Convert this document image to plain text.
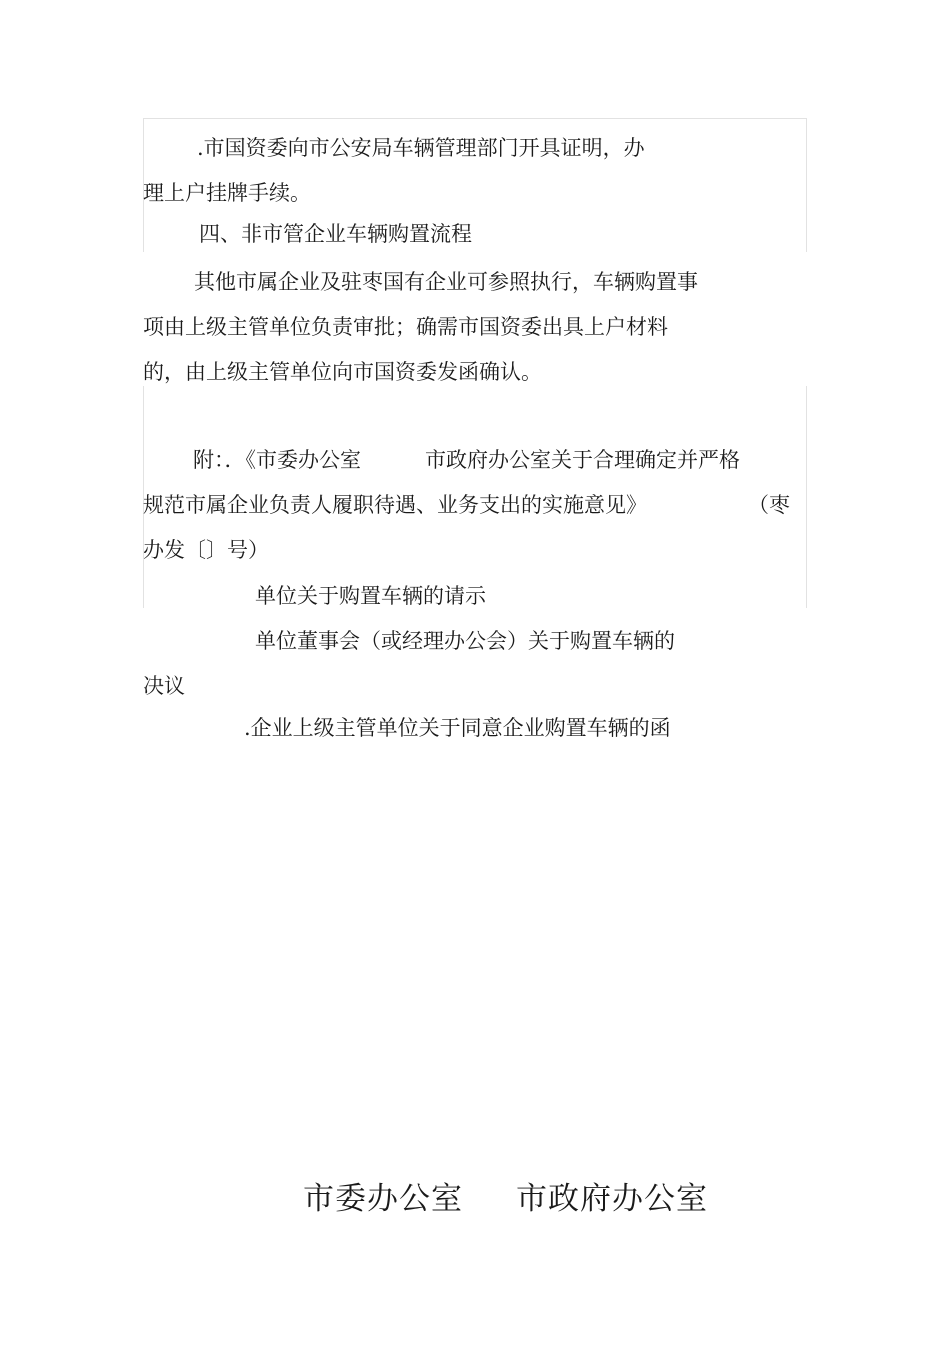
.市国资委向市公安局车辆管理部门开具证明，办

理上户挂牌手续。

四、非市管企业车辆购置流程

其他市属企业及驻枣国有企业可参照执行，车辆购置事

项由上级主管单位负责审批；确需市国资委出具上户材料

的，由上级主管单位向市国资委发函确认。

附：．《市委办公室	市政府办公室关于合理确定并严格

规范市属企业负责人履职待遇、业务支出的实施意见》	（枣

办发〔〕号）

单位关于购置车辆的请示

单位董事会（或经理办公会）关于购置车辆的

决议

.企业上级主管单位关于同意企业购置车辆的函

市委办公室 市政府办公室
